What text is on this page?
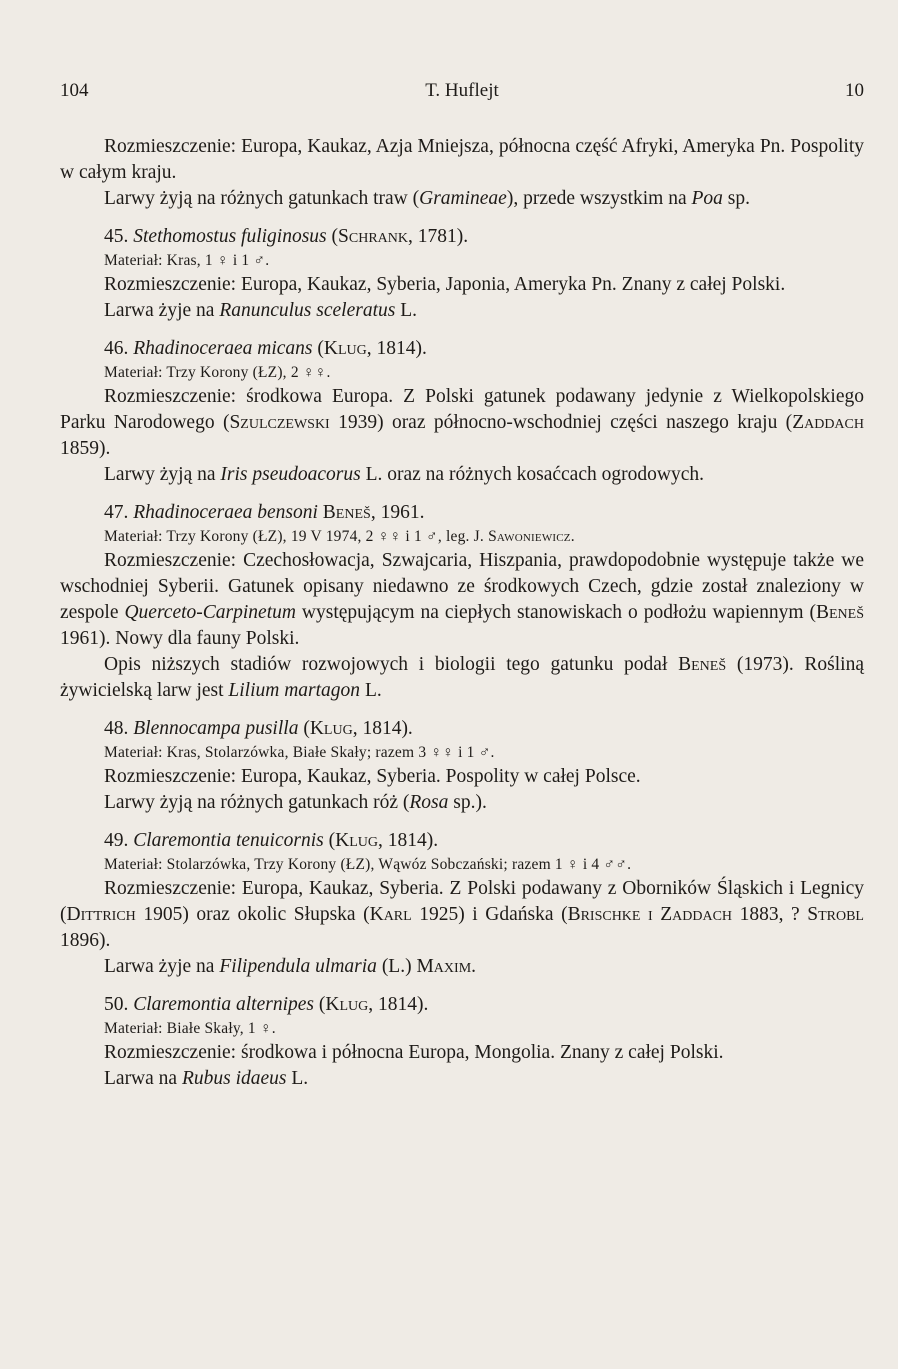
104	T. Huflejt	10

Rozmieszczenie: Europa, Kaukaz, Azja Mniejsza, północna część Afryki, Ameryka Pn. Pospolity w całym kraju.

Larwy żyją na różnych gatunkach traw (Gramineae), przede wszystkim na Poa sp.

45. Stethomostus fuliginosus (Schrank, 1781).

Materiał: Kras, 1 ♀ i 1 ♂.

Rozmieszczenie: Europa, Kaukaz, Syberia, Japonia, Ameryka Pn. Znany z całej Polski.

Larwa żyje na Ranunculus sceleratus L.

46. Rhadinoceraea micans (Klug, 1814).

Materiał: Trzy Korony (ŁZ), 2 ♀♀.

Rozmieszczenie: środkowa Europa. Z Polski gatunek podawany jedynie z Wielkopolskiego Parku Narodowego (Szulczewski 1939) oraz północno-wschodniej części naszego kraju (Zaddach 1859).

Larwy żyją na Iris pseudoacorus L. oraz na różnych kosaćcach ogrodowych.

47. Rhadinoceraea bensoni Beneš, 1961.

Materiał: Trzy Korony (ŁZ), 19 V 1974, 2 ♀♀ i 1 ♂, leg. J. Sawoniewicz.

Rozmieszczenie: Czechosłowacja, Szwajcaria, Hiszpania, prawdopodobnie występuje także we wschodniej Syberii. Gatunek opisany niedawno ze środkowych Czech, gdzie został znaleziony w zespole Querceto-Carpinetum występującym na ciepłych stanowiskach o podłożu wapiennym (Beneš 1961). Nowy dla fauny Polski.

Opis niższych stadiów rozwojowych i biologii tego gatunku podał Beneš (1973). Rośliną żywicielską larw jest Lilium martagon L.

48. Blennocampa pusilla (Klug, 1814).

Materiał: Kras, Stolarzówka, Białe Skały; razem 3 ♀♀ i 1 ♂.

Rozmieszczenie: Europa, Kaukaz, Syberia. Pospolity w całej Polsce.

Larwy żyją na różnych gatunkach róż (Rosa sp.).

49. Claremontia tenuicornis (Klug, 1814).

Materiał: Stolarzówka, Trzy Korony (ŁZ), Wąwóz Sobczański; razem 1 ♀ i 4 ♂♂.

Rozmieszczenie: Europa, Kaukaz, Syberia. Z Polski podawany z Oborników Śląskich i Legnicy (Dittrich 1905) oraz okolic Słupska (Karl 1925) i Gdańska (Brischke i Zaddach 1883, ? Strobl 1896).

Larwa żyje na Filipendula ulmaria (L.) Maxim.

50. Claremontia alternipes (Klug, 1814).

Materiał: Białe Skały, 1 ♀.

Rozmieszczenie: środkowa i północna Europa, Mongolia. Znany z całej Polski.

Larwa na Rubus idaeus L.
